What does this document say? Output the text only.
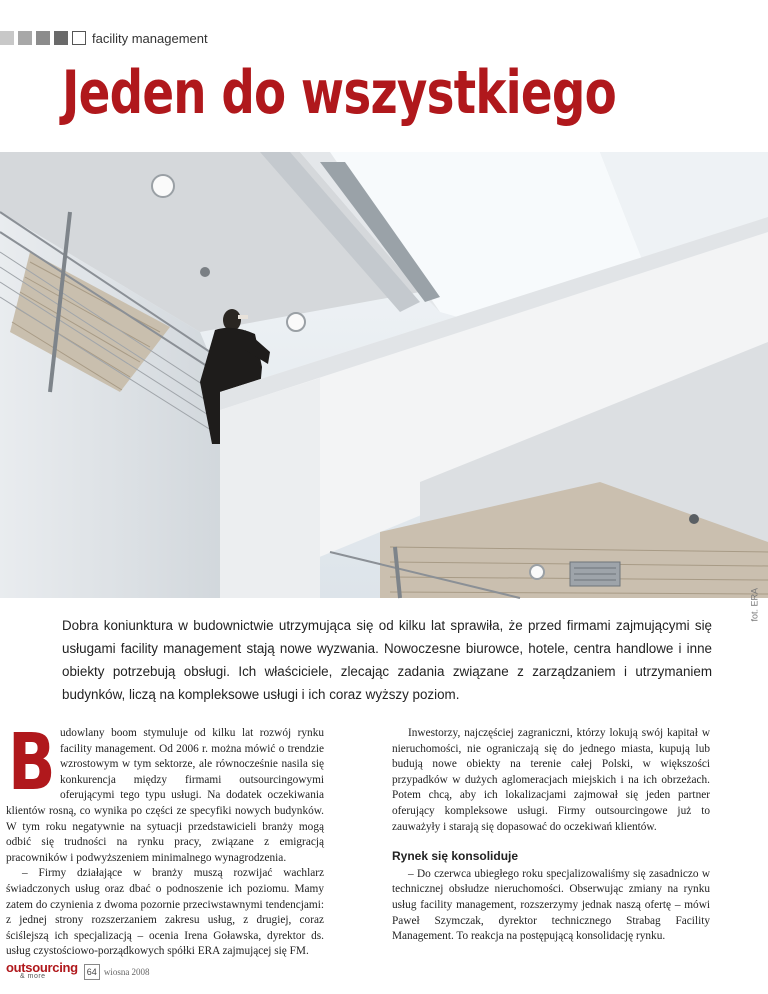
facility management
Jeden do wszystkiego
fot. ERA

Dobra koniunktura w budownictwie utrzymująca się od kilku lat sprawiła, że przed firmami zajmującymi się usługami facility management stają nowe wyzwania. Nowoczesne biurowce, hotele, centra handlowe i inne obiekty potrzebują obsługi. Ich właściciele, zlecając zadania związane z zarządzaniem i utrzymaniem budynków, liczą na kompleksowe usługi i ich coraz wyższy poziom.

B udowlany boom stymuluje od kilku lat rozwój rynku facility management. Od 2006 r. można mówić o trendzie wzrostowym w tym sektorze, ale równocześnie nasila się konkurencja między firmami outsourcingowymi oferującymi tego typu usługi. Na dodatek oczekiwania klientów rosną, co wynika po części ze specyfiki nowych budynków. W tym roku negatywnie na sytuacji przedstawicieli branży mogą odbić się trudności na rynku pracy, związane z emigracją pracowników i podwyższeniem minimalnego wynagrodzenia.

– Firmy działające w branży muszą rozwijać wachlarz świadczonych usług oraz dbać o podnoszenie ich poziomu. Mamy zatem do czynienia z dwoma pozornie przeciwstawnymi tendencjami: z jednej strony rozszerzaniem zakresu usług, z drugiej, coraz ściślejszą ich specjalizacją – ocenia Irena Goławska, dyrektor ds. usług czystościowo-porządkowych spółki ERA zajmującej się FM.

Inwestorzy, najczęściej zagraniczni, którzy lokują swój kapitał w nieruchomości, nie ograniczają się do jednego miasta, kupują lub budują nowe obiekty na terenie całej Polski, w większości przypadków w dużych aglomeracjach miejskich i na ich obrzeżach. Potem chcą, aby ich lokalizacjami zajmował się jeden partner oferujący kompleksowe usługi. Firmy outsourcingowe już to zauważyły i starają się dopasować do oczekiwań klientów.

Rynek się konsoliduje

– Do czerwca ubiegłego roku specjalizowaliśmy się zasadniczo w technicznej obsłudze nieruchomości. Obserwując zmiany na rynku usług facility management, rozszerzymy jednak naszą ofertę – mówi Paweł Szymczak, dyrektor technicznego Strabag Facility Management. To reakcja na postępującą konsolidację rynku.

outsourcing
& more	64 wiosna 2008
